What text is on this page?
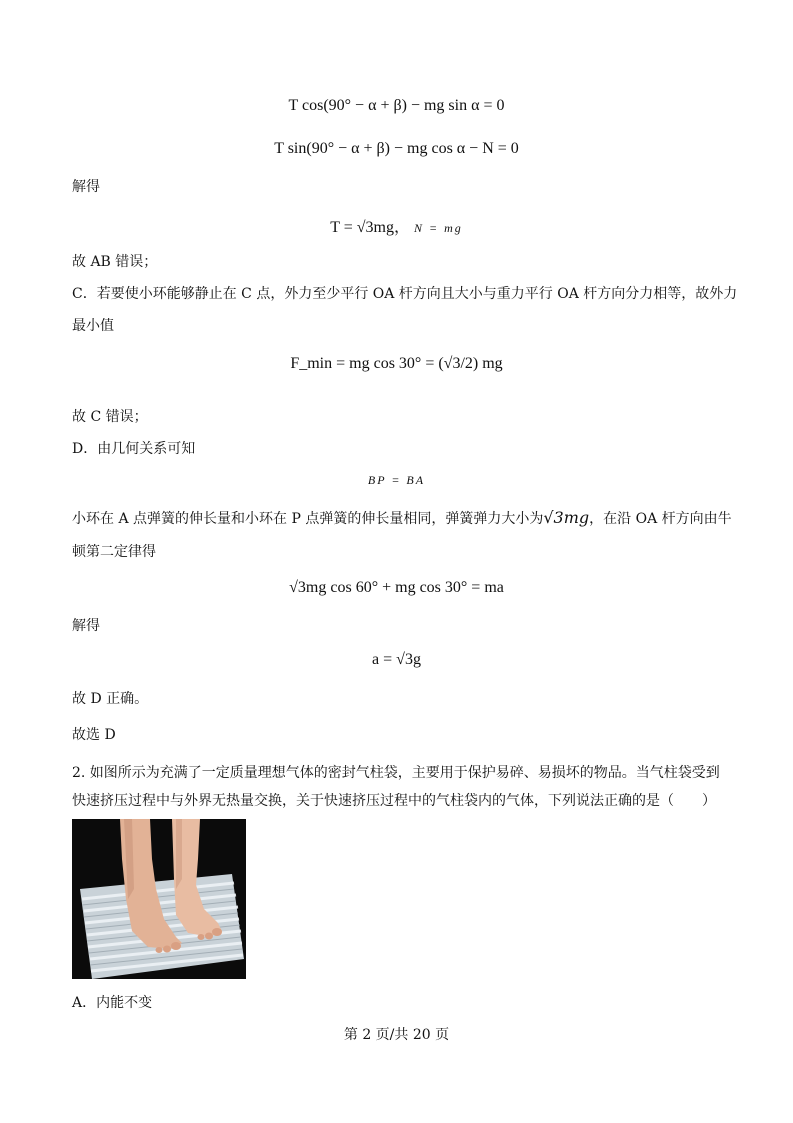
T cos(90° − α + β) − mg sin α = 0
T sin(90° − α + β) − mg cos α − N = 0
解得
T = √3mg， N = mg
故 AB 错误；
C．若要使小环能够静止在 C 点，外力至少平行 OA 杆方向且大小与重力平行 OA 杆方向分力相等，故外力
最小值
F_min = mg cos 30° = (√3/2) mg
故 C 错误；
D．由几何关系可知
BP = BA
小环在 A 点弹簧的伸长量和小环在 P 点弹簧的伸长量相同，弹簧弹力大小为√3mg，在沿 OA 杆方向由牛
顿第二定律得
√3mg cos 60° + mg cos 30° = ma
解得
a = √3g
故 D 正确。
故选 D
2. 如图所示为充满了一定质量理想气体的密封气柱袋，主要用于保护易碎、易损坏的物品。当气柱袋受到
快速挤压过程中与外界无热量交换，关于快速挤压过程中的气柱袋内的气体，下列说法正确的是（　　）
A．内能不变
第 2 页/共 20 页
